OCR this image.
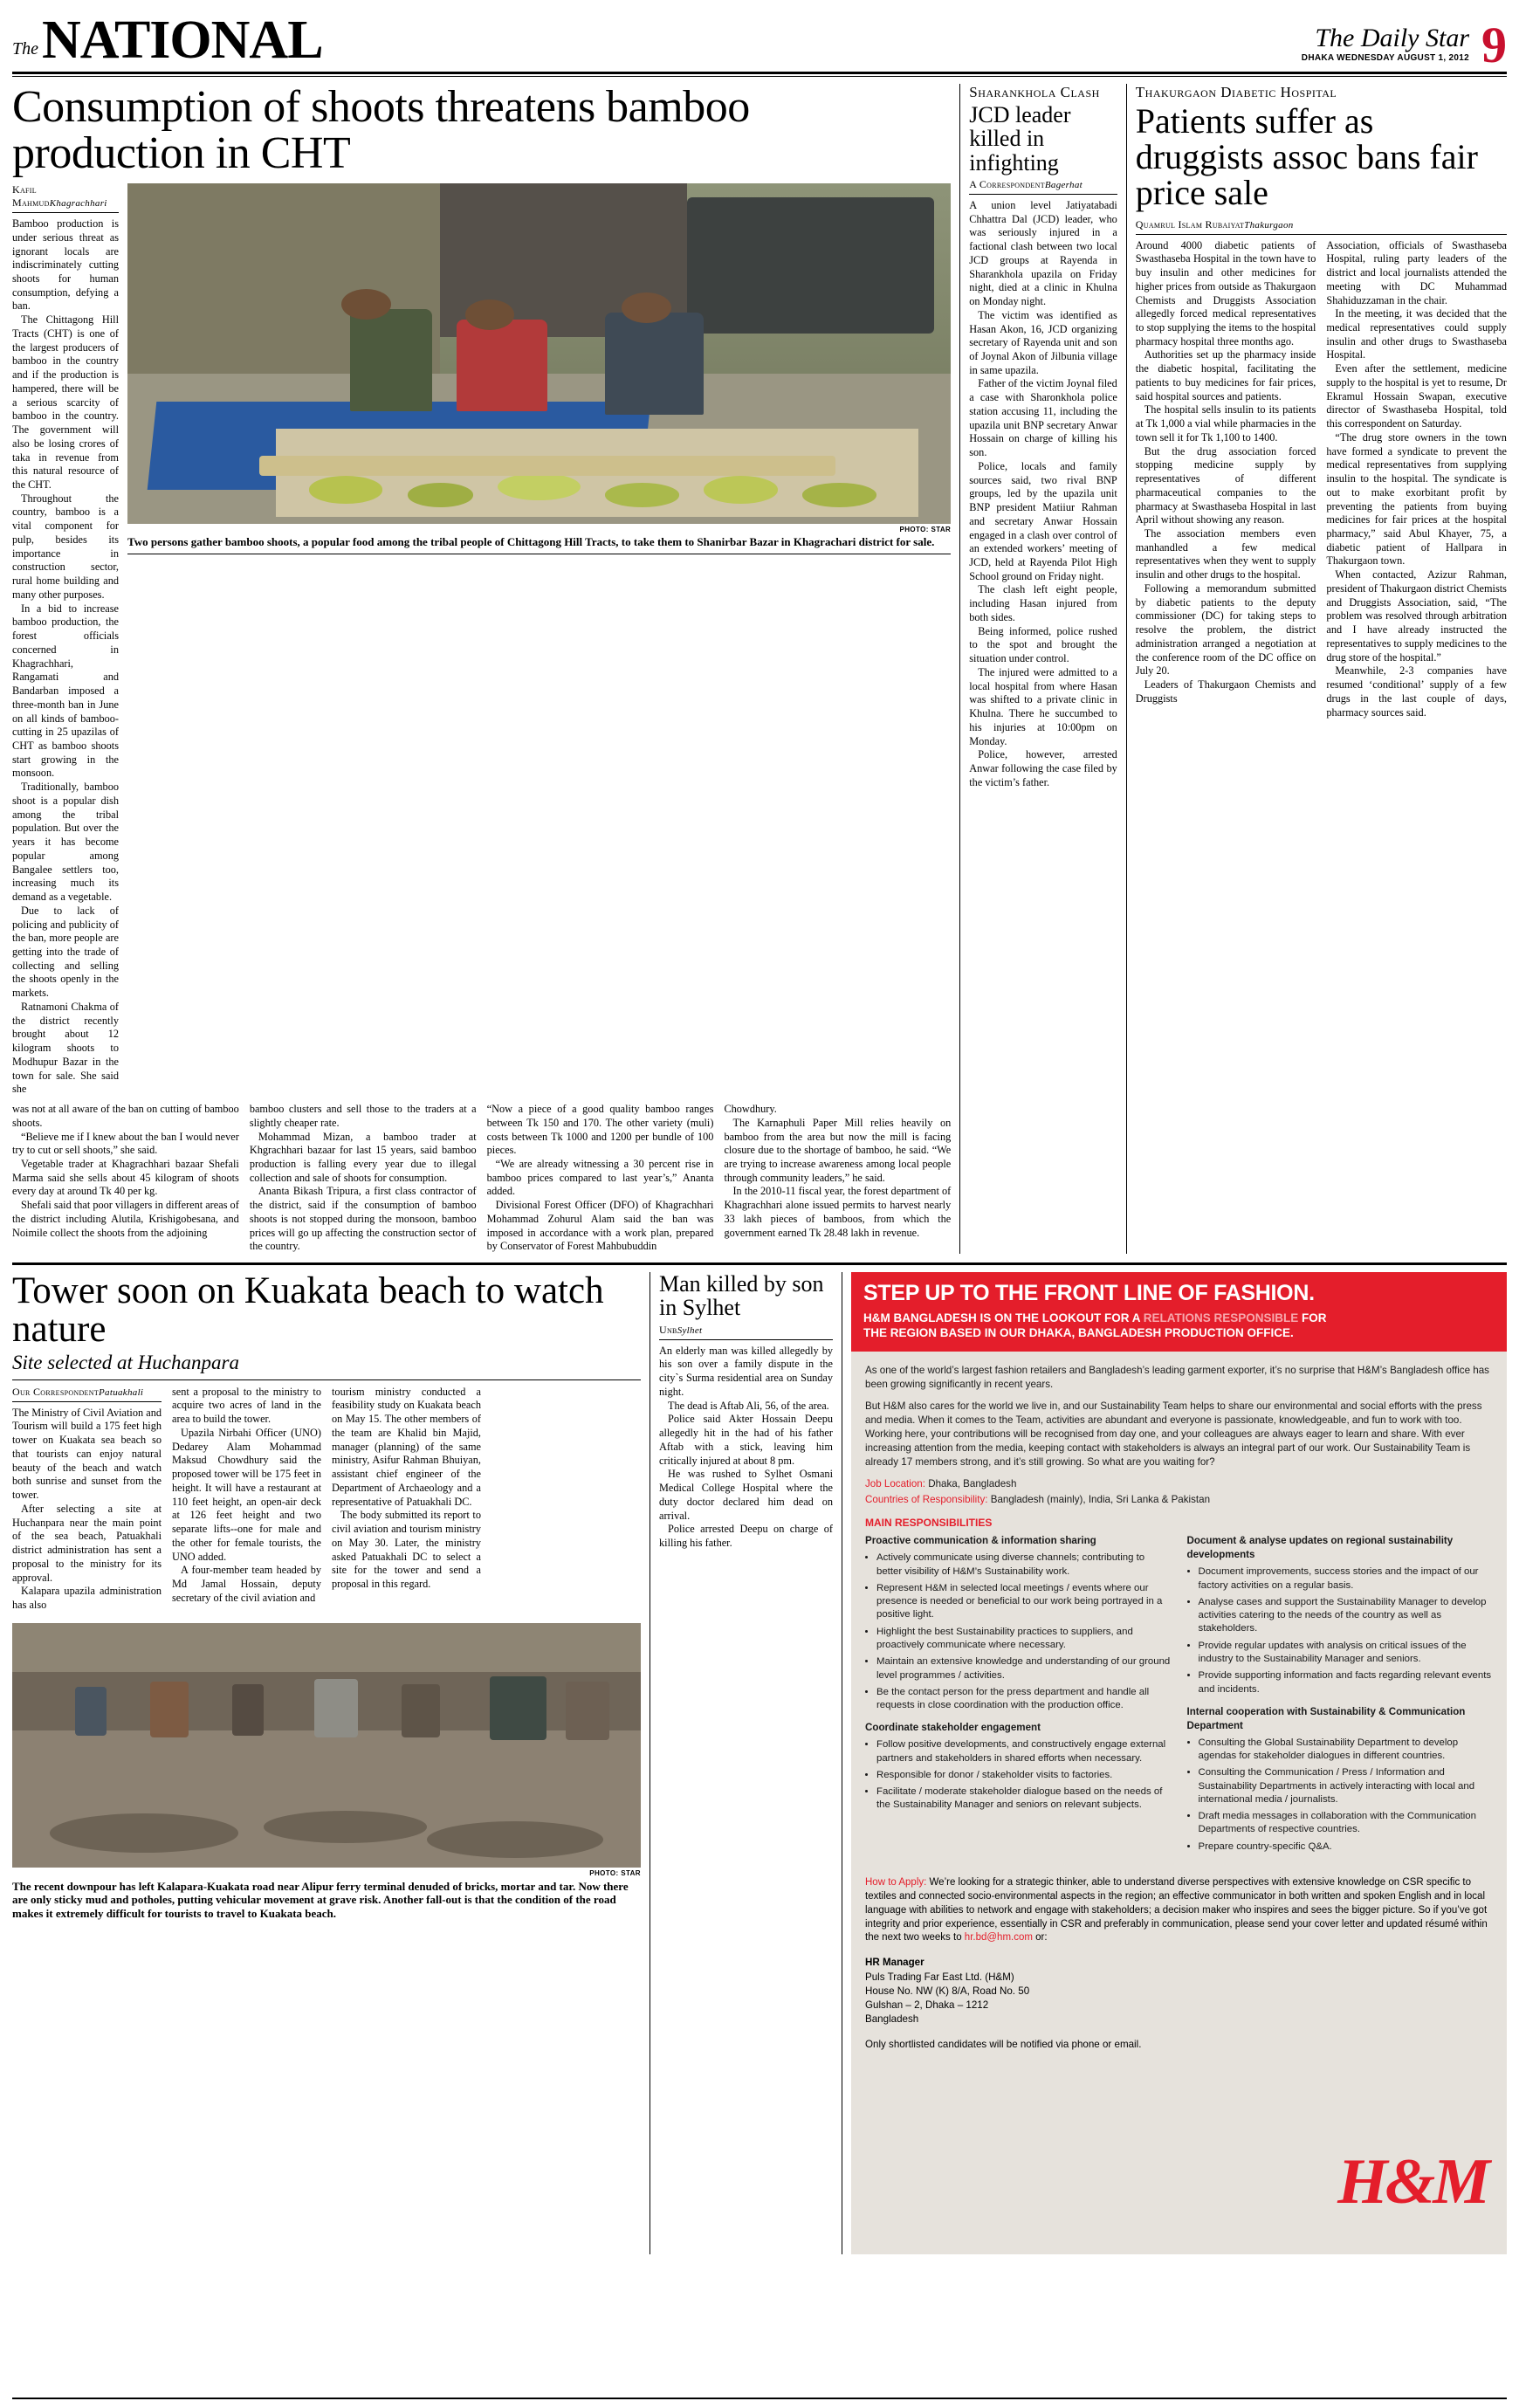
The NATIONAL	The Daily Star
DHAKA WEDNESDAY AUGUST 1, 2012 9
Consumption of shoots threatens bamboo production in CHT
Kafil MahmudKhagrachhari

Bamboo production is under serious threat as ignorant locals are indiscriminately cutting shoots for human consumption, defying a ban.

The Chittagong Hill Tracts (CHT) is one of the largest producers of bamboo in the country and if the production is hampered, there will be a serious scarcity of bamboo in the country. The government will also be losing crores of taka in revenue from this natural resource of the CHT.

Throughout the country, bamboo is a vital component for pulp, besides its importance in construction sector, rural home building and many other purposes.

In a bid to increase bamboo production, the forest officials concerned in Khagrachhari, Rangamati and Bandarban imposed a three-month ban in June on all kinds of bamboo-cutting in 25 upazilas of CHT as bamboo shoots start growing in the monsoon.

Traditionally, bamboo shoot is a popular dish among the tribal population. But over the years it has become popular among Bangalee settlers too, increasing much its demand as a vegetable.

Due to lack of policing and publicity of the ban, more people are getting into the trade of collecting and selling the shoots openly in the markets.

Ratnamoni Chakma of the district recently brought about 12 kilogram shoots to Modhupur Bazar in the town for sale. She said she

PHOTO: STAR
Two persons gather bamboo shoots, a popular food among the tribal people of Chittagong Hill Tracts, to take them to Shanirbar Bazar in Khagrachari district for sale.

was not at all aware of the ban on cutting of bamboo shoots.

“Believe me if I knew about the ban I would never try to cut or sell shoots,” she said.

Vegetable trader at Khagrachhari bazaar Shefali Marma said she sells about 45 kilogram of shoots every day at around Tk 40 per kg.

Shefali said that poor villagers in different areas of the district including Alutila, Krishigobesana, and Noimile collect the shoots from the adjoining

bamboo clusters and sell those to the traders at a slightly cheaper rate.

Mohammad Mizan, a bamboo trader at Khgrachhari bazaar for last 15 years, said bamboo production is falling every year due to illegal collection and sale of shoots for consumption.

Ananta Bikash Tripura, a first class contractor of the district, said if the consumption of bamboo shoots is not stopped during the monsoon, bamboo prices will go up affecting the construction sector of the country.

“Now a piece of a good quality bamboo ranges between Tk 150 and 170. The other variety (muli) costs between Tk 1000 and 1200 per bundle of 100 pieces.

“We are already witnessing a 30 percent rise in bamboo prices compared to last year’s,” Ananta added.

Divisional Forest Officer (DFO) of Khagrachhari Mohammad Zohurul Alam said the ban was imposed in accordance with a work plan, prepared by Conservator of Forest Mahbubuddin

Chowdhury.

The Karnaphuli Paper Mill relies heavily on bamboo from the area but now the mill is facing closure due to the shortage of bamboo, he said. “We are trying to increase awareness among local people through community leaders,” he said.

In the 2010-11 fiscal year, the forest department of Khagrachhari alone issued permits to harvest nearly 33 lakh pieces of bamboos, from which the government earned Tk 28.48 lakh in revenue.

Sharankhola Clash
JCD leader killed in infighting
A CorrespondentBagerhat

A union level Jatiyatabadi Chhattra Dal (JCD) leader, who was seriously injured in a factional clash between two local JCD groups at Rayenda in Sharankhola upazila on Friday night, died at a clinic in Khulna on Monday night.

The victim was identified as Hasan Akon, 16, JCD organizing secretary of Rayenda unit and son of Joynal Akon of Jilbunia village in same upazila.

Father of the victim Joynal filed a case with Sharonkhola police station accusing 11, including the upazila unit BNP secretary Anwar Hossain on charge of killing his son.

Police, locals and family sources said, two rival BNP groups, led by the upazila unit BNP president Matiiur Rahman and secretary Anwar Hossain engaged in a clash over control of an extended workers’ meeting of JCD, held at Rayenda Pilot High School ground on Friday night.

The clash left eight people, including Hasan injured from both sides.

Being informed, police rushed to the spot and brought the situation under control.

The injured were admitted to a local hospital from where Hasan was shifted to a private clinic in Khulna. There he succumbed to his injuries at 10:00pm on Monday.

Police, however, arrested Anwar following the case filed by the victim’s father.

Thakurgaon Diabetic Hospital
Patients suffer as druggists assoc bans fair price sale
Quamrul Islam RubaiyatThakurgaon

Around 4000 diabetic patients of Swasthaseba Hospital in the town have to buy insulin and other medicines for higher prices from outside as Thakurgaon Chemists and Druggists Association allegedly forced medical representatives to stop supplying the items to the hospital pharmacy hospital three months ago.

Authorities set up the pharmacy inside the diabetic hospital, facilitating the patients to buy medicines for fair prices, said hospital sources and patients.

The hospital sells insulin to its patients at Tk 1,000 a vial while pharmacies in the town sell it for Tk 1,100 to 1400.

But the drug association forced stopping medicine supply by representatives of different pharmaceutical companies to the pharmacy at Swasthaseba Hospital in last April without showing any reason.

The association members even manhandled a few medical representatives when they went to supply insulin and other drugs to the hospital.

Following a memorandum submitted by diabetic patients to the deputy commissioner (DC) for taking steps to resolve the problem, the district administration arranged a negotiation at the conference room of the DC office on July 20.

Leaders of Thakurgaon Chemists and Druggists

Association, officials of Swasthaseba Hospital, ruling party leaders of the district and local journalists attended the meeting with DC Muhammad Shahiduzzaman in the chair.

In the meeting, it was decided that the medical representatives could supply insulin and other drugs to Swasthaseba Hospital.

Even after the settlement, medicine supply to the hospital is yet to resume, Dr Ekramul Hossain Swapan, executive director of Swasthaseba Hospital, told this correspondent on Saturday.

“The drug store owners in the town have formed a syndicate to prevent the medical representatives from supplying insulin to the hospital. The syndicate is out to make exorbitant profit by preventing the patients from buying medicines for fair prices at the hospital pharmacy,” said Abul Khayer, 75, a diabetic patient of Hallpara in Thakurgaon town.

When contacted, Azizur Rahman, president of Thakurgaon district Chemists and Druggists Association, said, “The problem was resolved through arbitration and I have already instructed the representatives to supply medicines to the drug store of the hospital.”

Meanwhile, 2-3 companies have resumed ‘conditional’ supply of a few drugs in the last couple of days, pharmacy sources said.

Tower soon on Kuakata beach to watch nature
Site selected at Huchanpara
Our CorrespondentPatuakhali

The Ministry of Civil Aviation and Tourism will build a 175 feet high tower on Kuakata sea beach so that tourists can enjoy natural beauty of the beach and watch both sunrise and sunset from the tower.

After selecting a site at Huchanpara near the main point of the sea beach, Patuakhali district administration has sent a proposal to the ministry for its approval.

Kalapara upazila administration has also

sent a proposal to the ministry to acquire two acres of land in the area to build the tower.

Upazila Nirbahi Officer (UNO) Dedarey Alam Mohammad Maksud Chowdhury said the proposed tower will be 175 feet in height. It will have a restaurant at 110 feet height, an open-air deck at 126 feet height and two separate lifts--one for male and the other for female tourists, the UNO added.

A four-member team headed by Md Jamal Hossain, deputy secretary of the civil aviation and

tourism ministry conducted a feasibility study on Kuakata beach on May 15. The other members of the team are Khalid bin Majid, manager (planning) of the same ministry, Asifur Rahman Bhuiyan, assistant chief engineer of the Department of Archaeology and a representative of Patuakhali DC.

The body submitted its report to civil aviation and tourism ministry on May 30. Later, the ministry asked Patuakhali DC to select a site for the tower and send a proposal in this regard.

PHOTO: STAR
The recent downpour has left Kalapara-Kuakata road near Alipur ferry terminal denuded of bricks, mortar and tar. Now there are only sticky mud and potholes, putting vehicular movement at grave risk. Another fall-out is that the condition of the road makes it extremely difficult for tourists to travel to Kuakata beach.
Man killed by son in Sylhet
UnbSylhet

An elderly man was killed allegedly by his son over a family dispute in the city`s Surma residential area on Sunday night.

The dead is Aftab Ali, 56, of the area.

Police said Akter Hossain Deepu allegedly hit in the had of his father Aftab with a stick, leaving him critically injured at about 8 pm.

He was rushed to Sylhet Osmani Medical College Hospital where the duty doctor declared him dead on arrival.

Police arrested Deepu on charge of killing his father.

STEP UP TO THE FRONT LINE OF FASHION.

H&M BANGLADESH IS ON THE LOOKOUT FOR A RELATIONS RESPONSIBLE FOR
THE REGION BASED IN OUR DHAKA, BANGLADESH PRODUCTION OFFICE.

As one of the world’s largest fashion retailers and Bangladesh’s leading garment exporter, it’s no surprise that H&M’s Bangladesh office has been growing significantly in recent years.

But H&M also cares for the world we live in, and our Sustainability Team helps to share our environmental and social efforts with the press and media. When it comes to the Team, activities are abundant and everyone is passionate, knowledgeable, and fun to work with too. Working here, your contributions will be recognised from day one, and your colleagues are always eager to learn and share. With ever increasing attention from the media, keeping contact with stakeholders is always an integral part of our work. Our Sustainability Team is already 17 members strong, and it’s still growing. So what are you waiting for?

Job Location: Dhaka, Bangladesh
Countries of Responsibility: Bangladesh (mainly), India, Sri Lanka & Pakistan
MAIN RESPONSIBILITIES
Proactive communication & information sharing
• Actively communicate using diverse channels; contributing to better visibility of H&M’s Sustainability work.
• Represent H&M in selected local meetings / events where our presence is needed or beneficial to our work being portrayed in a positive light.
• Highlight the best Sustainability practices to suppliers, and proactively communicate where necessary.
• Maintain an extensive knowledge and understanding of our ground level programmes / activities.
• Be the contact person for the press department and handle all requests in close coordination with the production office.
Coordinate stakeholder engagement
• Follow positive developments, and constructively engage external partners and stakeholders in shared efforts when necessary.
• Responsible for donor / stakeholder visits to factories.
• Facilitate / moderate stakeholder dialogue based on the needs of the Sustainability Manager and seniors on relevant subjects.
Document & analyse updates on regional sustainability developments
• Document improvements, success stories and the impact of our factory activities on a regular basis.
• Analyse cases and support the Sustainability Manager to develop activities catering to the needs of the country as well as stakeholders.
• Provide regular updates with analysis on critical issues of the industry to the Sustainability Manager and seniors.
• Provide supporting information and facts regarding relevant events and incidents.
Internal cooperation with Sustainability & Communication Department
• Consulting the Global Sustainability Department to develop agendas for stakeholder dialogues in different countries.
• Consulting the Communication / Press / Information and Sustainability Departments in actively interacting with local and international media / journalists.
• Draft media messages in collaboration with the Communication Departments of respective countries.
• Prepare country-specific Q&A.
How to Apply: We’re looking for a strategic thinker, able to understand diverse perspectives with extensive knowledge on CSR specific to textiles and connected socio-environmental aspects in the region; an effective communicator in both written and spoken English and in local language with abilities to network and engage with stakeholders; a decision maker who inspires and sees the bigger picture. So if you’ve got integrity and prior experience, essentially in CSR and preferably in communication, please send your cover letter and updated résumé within the next two weeks to hr.bd@hm.com or:
HR Manager
Puls Trading Far East Ltd. (H&M)
House No. NW (K) 8/A, Road No. 50
Gulshan – 2, Dhaka – 1212
Bangladesh
Only shortlisted candidates will be notified via phone or email.
H&M
